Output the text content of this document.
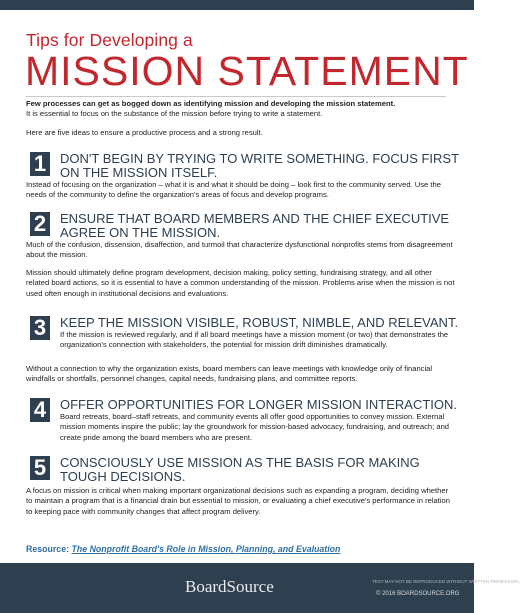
Tips for Developing a
MISSION STATEMENT
Few processes can get as bogged down as identifying mission and developing the mission statement.
It is essential to focus on the substance of the mission before trying to write a statement.
Here are five ideas to ensure a productive process and a strong result.
1 DON'T BEGIN BY TRYING TO WRITE SOMETHING. FOCUS FIRST ON THE MISSION ITSELF.
Instead of focusing on the organization – what it is and what it should be doing – look first to the community served. Use the needs of the community to define the organization's areas of focus and develop programs.
2 ENSURE THAT BOARD MEMBERS AND THE CHIEF EXECUTIVE AGREE ON THE MISSION.
Much of the confusion, dissension, disaffection, and turmoil that characterize dysfunctional nonprofits stems from disagreement about the mission.
Mission should ultimately define program development, decision making, policy setting, fundraising strategy, and all other related board actions, so it is essential to have a common understanding of the mission. Problems arise when the mission is not used often enough in institutional decisions and evaluations.
3 KEEP THE MISSION VISIBLE, ROBUST, NIMBLE, AND RELEVANT.
If the mission is reviewed regularly, and if all board meetings have a mission moment (or two) that demonstrates the organization's connection with stakeholders, the potential for mission drift diminishes dramatically.
Without a connection to why the organization exists, board members can leave meetings with knowledge only of financial windfalls or shortfalls, personnel changes, capital needs, fundraising plans, and committee reports.
4 OFFER OPPORTUNITIES FOR LONGER MISSION INTERACTION.
Board retreats, board–staff retreats, and community events all offer good opportunities to convey mission. External mission moments inspire the public; lay the groundwork for mission-based advocacy, fundraising, and outreach; and create pride among the board members who are present.
5 CONSCIOUSLY USE MISSION AS THE BASIS FOR MAKING TOUGH DECISIONS.
A focus on mission is critical when making important organizational decisions such as expanding a program, deciding whether to maintain a program that is a financial drain but essential to mission, or evaluating a chief executive's performance in relation to keeping pace with community changes that affect program delivery.
Resource: The Nonprofit Board's Role in Mission, Planning, and Evaluation
BoardSource	TEXT MAY NOT BE REPRODUCED WITHOUT WRITTEN PERMISSION.
© 2016 BOARDSOURCE.ORG
